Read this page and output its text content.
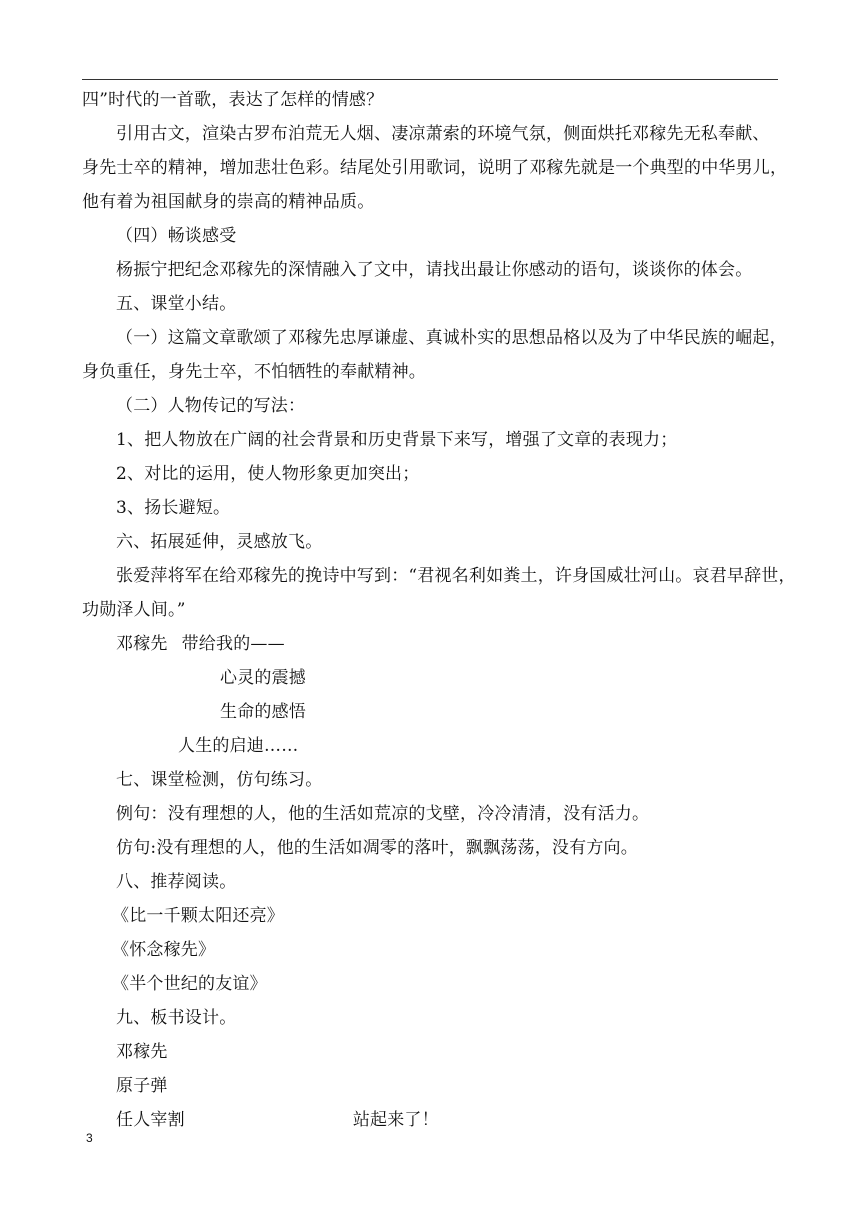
四”时代的一首歌，表达了怎样的情感？
引用古文，渲染古罗布泊荒无人烟、凄凉萧索的环境气氛，侧面烘托邓稼先无私奉献、
身先士卒的精神，增加悲壮色彩。结尾处引用歌词，说明了邓稼先就是一个典型的中华男儿，
他有着为祖国献身的崇高的精神品质。
（四）畅谈感受
杨振宁把纪念邓稼先的深情融入了文中，请找出最让你感动的语句，谈谈你的体会。
五、课堂小结。
（一）这篇文章歌颂了邓稼先忠厚谦虚、真诚朴实的思想品格以及为了中华民族的崛起，
身负重任，身先士卒，不怕牺牲的奉献精神。
（二）人物传记的写法：
1、把人物放在广阔的社会背景和历史背景下来写，增强了文章的表现力；
2、对比的运用，使人物形象更加突出；
3、扬长避短。
六、拓展延伸，灵感放飞。
张爱萍将军在给邓稼先的挽诗中写到：“君视名利如粪土，许身国威壮河山。哀君早辞世，
功勋泽人间。”
邓稼先 带给我的——
心灵的震撼
生命的感悟
人生的启迪……
七、课堂检测，仿句练习。
例句：没有理想的人，他的生活如荒凉的戈壁，冷冷清清，没有活力。
仿句:没有理想的人，他的生活如凋零的落叶，飘飘荡荡，没有方向。
八、推荐阅读。
《比一千颗太阳还亮》
《怀念稼先》
《半个世纪的友谊》
九、板书设计。
邓稼先
原子弹
任人宰割	站起来了！
3
